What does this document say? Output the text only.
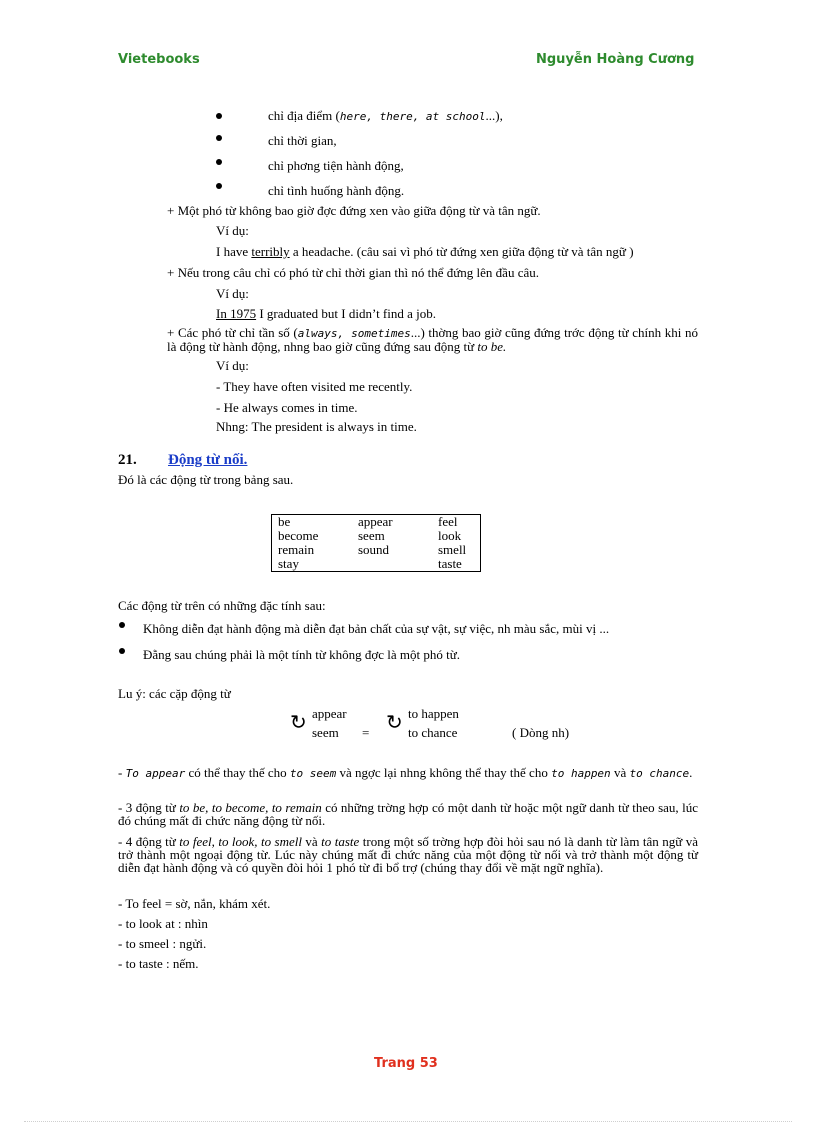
Vietebooks	Nguyễn Hoàng Cương
chỉ địa điểm (here, there, at school...),
chỉ thời gian,
chỉ phơng tiện hành động,
chỉ tình huống hành động.
+ Một phó từ không bao giờ đợc đứng xen vào giữa động từ và tân ngữ.
Ví dụ:
I have terribly a headache. (câu sai vì phó từ đứng xen giữa động từ và tân ngữ )
+ Nếu trong câu chỉ có phó từ chỉ thời gian thì nó thể đứng lên đầu câu.
Ví dụ:
In 1975 I graduated but I didn’t find a job.
+ Các phó từ chỉ tần số (always, sometimes...) thờng bao giờ cũng đứng trớc động từ chính khi nó là động từ hành động, nhng bao giờ cũng đứng sau động từ to be.
Ví dụ:
- They have often visited me recently.
- He always comes in time.
Nhng: The president is always in time.
21. Động từ nối.
Đó là các động từ trong bảng sau.
be	appear	feel
become	seem	look
remain	sound	smell
stay		taste
Các động từ trên có những đặc tính sau:
Không diễn đạt hành động mà diễn đạt bản chất của sự vật, sự việc, nh màu sắc, mùi vị ...
Đằng sau chúng phải là một tính từ không đợc là một phó từ.
Lu ý: các cặp động từ
↻ appear
seem = ↻ to happen
to chance	( Dòng nh)
- To appear có thể thay thế cho to seem và ngợc lại nhng không thể thay thế cho to happen và to chance.
- 3 động từ to be, to become, to remain có những trờng hợp có một danh từ hoặc một ngữ danh từ theo sau, lúc đó chúng mất đi chức năng động từ nối.
- 4 động từ to feel, to look, to smell và to taste trong một số trờng hợp đòi hỏi sau nó là danh từ làm tân ngữ và trở thành một ngoại động từ. Lúc này chúng mất đi chức năng của một động từ nối và trở thành một động từ diễn đạt hành động và có quyền đòi hỏi 1 phó từ đi bổ trợ (chúng thay đổi về mặt ngữ nghĩa).
- To feel = sờ, nắn, khám xét.
- to look at : nhìn
- to smeel : ngửi.
- to taste : nếm.
Trang 53
